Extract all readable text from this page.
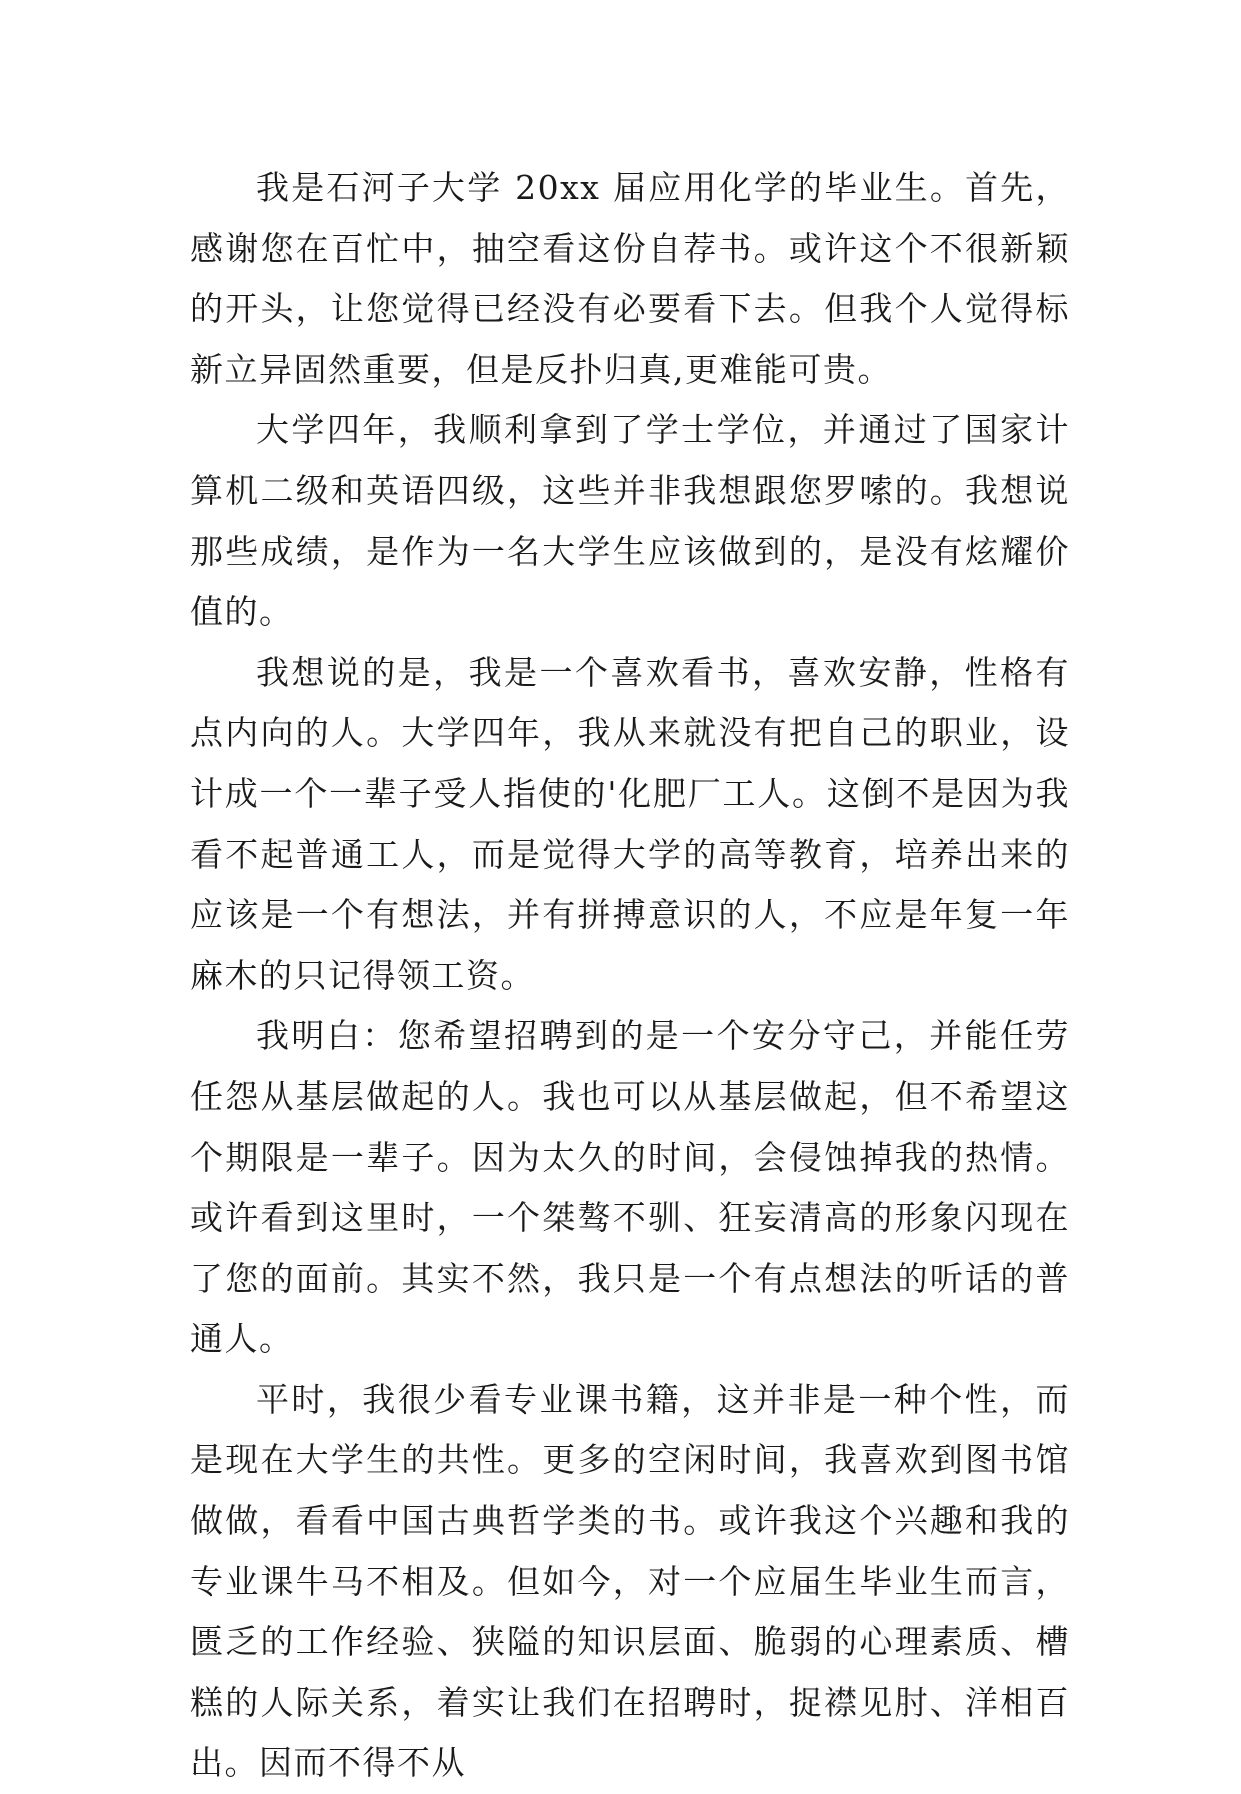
我是石河子大学 20xx 届应用化学的毕业生。首先，感谢您在百忙中，抽空看这份自荐书。或许这个不很新颖的开头，让您觉得已经没有必要看下去。但我个人觉得标新立异固然重要，但是反扑归真,更难能可贵。

大学四年，我顺利拿到了学士学位，并通过了国家计算机二级和英语四级，这些并非我想跟您罗嗦的。我想说那些成绩，是作为一名大学生应该做到的，是没有炫耀价值的。

我想说的是，我是一个喜欢看书，喜欢安静，性格有点内向的人。大学四年，我从来就没有把自己的职业，设计成一个一辈子受人指使的'化肥厂工人。这倒不是因为我看不起普通工人，而是觉得大学的高等教育，培养出来的应该是一个有想法，并有拼搏意识的人，不应是年复一年麻木的只记得领工资。

我明白：您希望招聘到的是一个安分守己，并能任劳任怨从基层做起的人。我也可以从基层做起，但不希望这个期限是一辈子。因为太久的时间，会侵蚀掉我的热情。或许看到这里时，一个桀骜不驯、狂妄清高的形象闪现在了您的面前。其实不然，我只是一个有点想法的听话的普通人。

平时，我很少看专业课书籍，这并非是一种个性，而是现在大学生的共性。更多的空闲时间，我喜欢到图书馆做做，看看中国古典哲学类的书。或许我这个兴趣和我的专业课牛马不相及。但如今，对一个应届生毕业生而言，匮乏的工作经验、狭隘的知识层面、脆弱的心理素质、槽糕的人际关系，着实让我们在招聘时，捉襟见肘、洋相百出。因而不得不从
